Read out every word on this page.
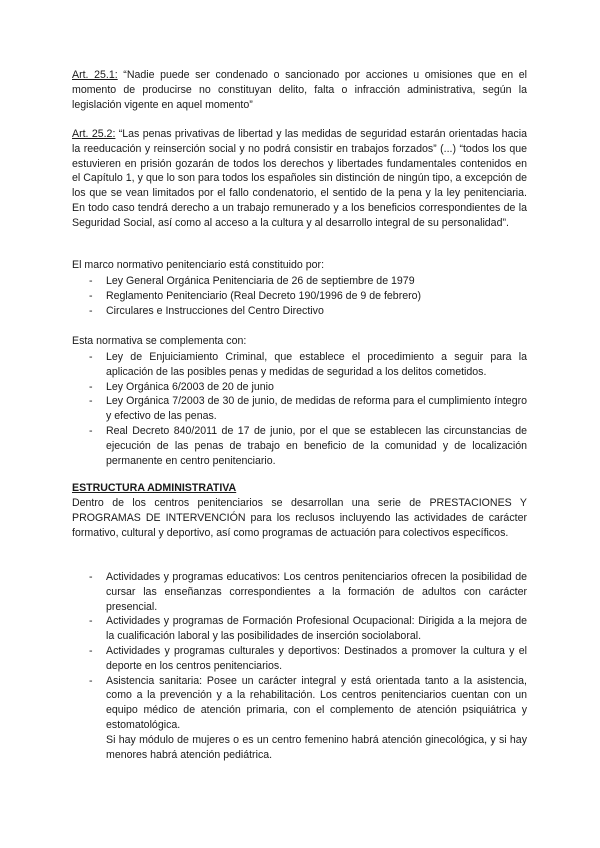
Art. 25.1: “Nadie puede ser condenado o sancionado por acciones u omisiones que en el momento de producirse no constituyan delito, falta o infracción administrativa, según la legislación vigente en aquel momento”

Art. 25.2: “Las penas privativas de libertad y las medidas de seguridad estarán orientadas hacia la reeducación y reinserción social y no podrá consistir en trabajos forzados” (...) “todos los que estuvieren en prisión gozarán de todos los derechos y libertades fundamentales contenidos en el Capítulo 1, y que lo son para todos los españoles sin distinción de ningún tipo, a excepción de los que se vean limitados por el fallo condenatorio, el sentido de la pena y la ley penitenciaria. En todo caso tendrá derecho a un trabajo remunerado y a los beneficios correspondientes de la Seguridad Social, así como al acceso a la cultura y al desarrollo integral de su personalidad”.

El marco normativo penitenciario está constituido por:

- Ley General Orgánica Penitenciaria de 26 de septiembre de 1979
- Reglamento Penitenciario (Real Decreto 190/1996 de 9 de febrero)
- Circulares e Instrucciones del Centro Directivo

Esta normativa se complementa con:

- Ley de Enjuiciamiento Criminal, que establece el procedimiento a seguir para la aplicación de las posibles penas y medidas de seguridad a los delitos cometidos.
- Ley Orgánica 6/2003 de 20 de junio
- Ley Orgánica 7/2003 de 30 de junio, de medidas de reforma para el cumplimiento íntegro y efectivo de las penas.
- Real Decreto 840/2011 de 17 de junio, por el que se establecen las circunstancias de ejecución de las penas de trabajo en beneficio de la comunidad y de localización permanente en centro penitenciario.

ESTRUCTURA ADMINISTRATIVA

Dentro de los centros penitenciarios se desarrollan una serie de PRESTACIONES Y PROGRAMAS DE INTERVENCIÓN para los reclusos incluyendo las actividades de carácter formativo, cultural y deportivo, así como programas de actuación para colectivos específicos.

- Actividades y programas educativos: Los centros penitenciarios ofrecen la posibilidad de cursar las enseñanzas correspondientes a la formación de adultos con carácter presencial.
- Actividades y programas de Formación Profesional Ocupacional: Dirigida a la mejora de la cualificación laboral y las posibilidades de inserción sociolaboral.
- Actividades y programas culturales y deportivos: Destinados a promover la cultura y el deporte en los centros penitenciarios.
- Asistencia sanitaria: Posee un carácter integral y está orientada tanto a la asistencia, como a la prevención y a la rehabilitación. Los centros penitenciarios cuentan con un equipo médico de atención primaria, con el complemento de atención psiquiátrica y estomatológica.
Si hay módulo de mujeres o es un centro femenino habrá atención ginecológica, y si hay menores habrá atención pediátrica.
